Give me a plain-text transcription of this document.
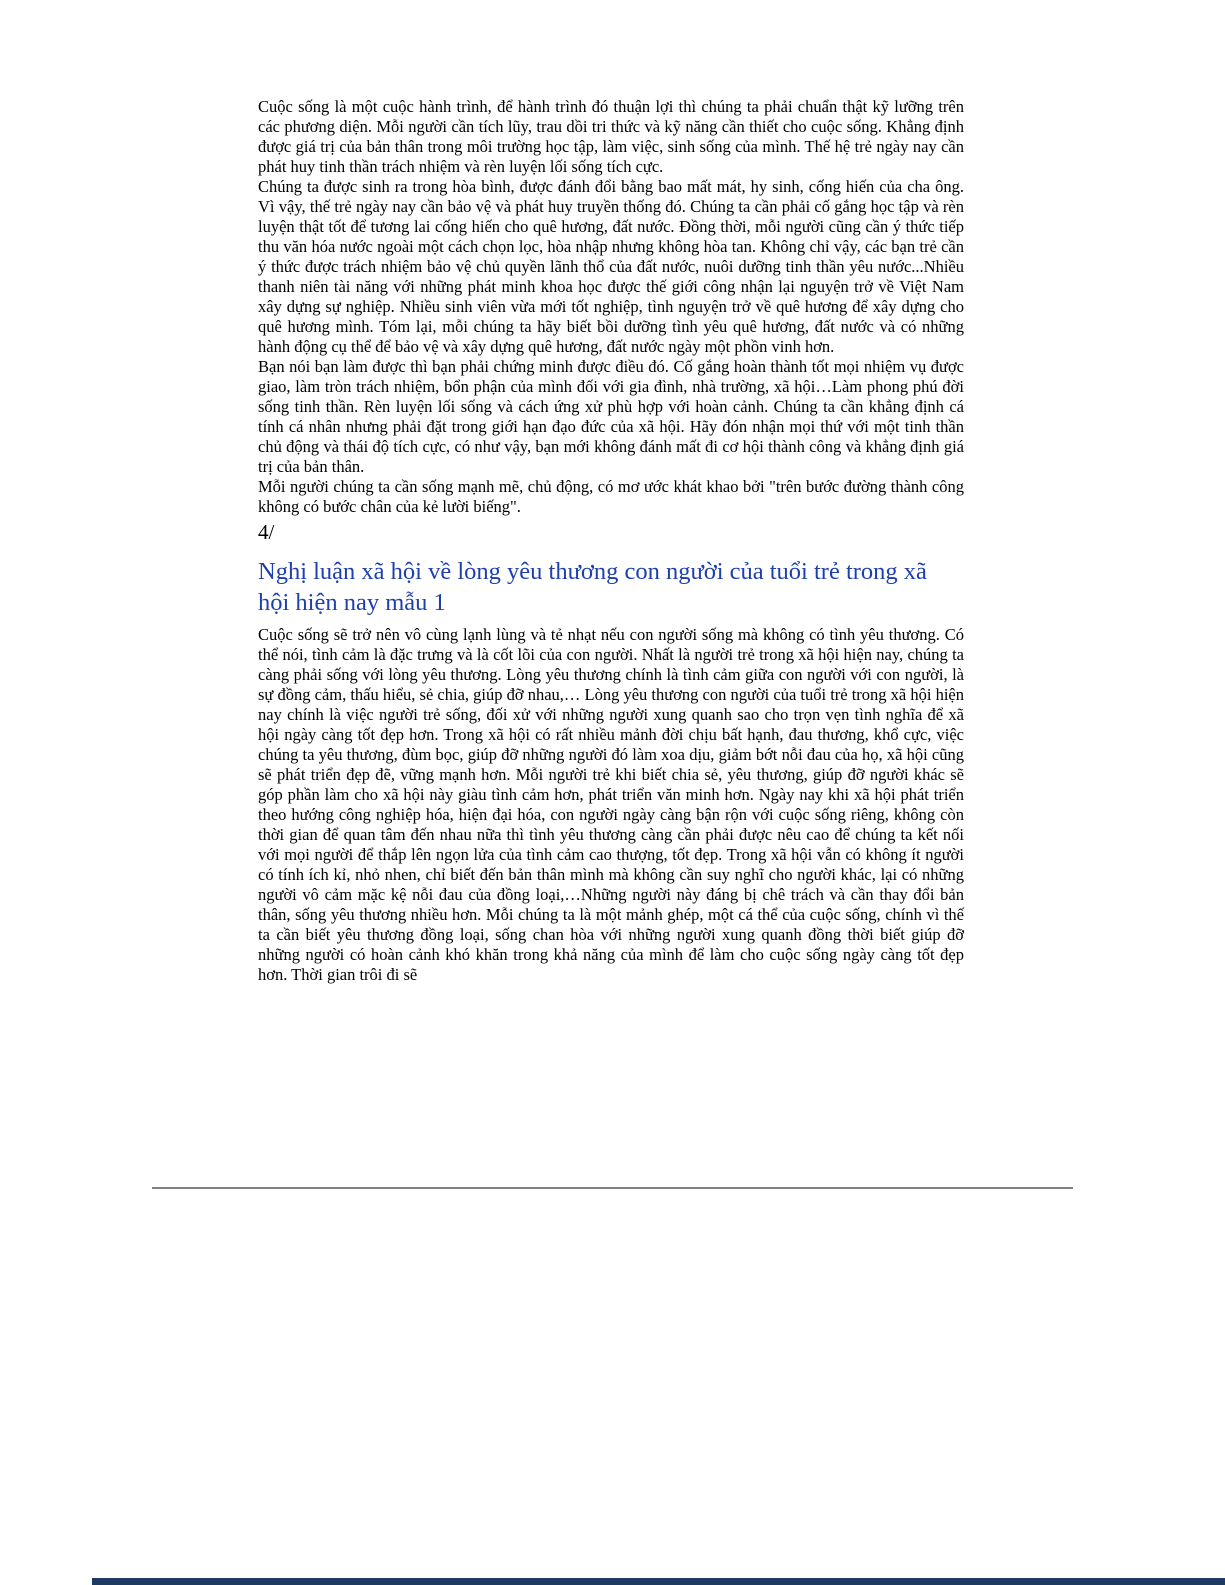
Cuộc sống là một cuộc hành trình, để hành trình đó thuận lợi thì chúng ta phải chuẩn thật kỹ lưỡng trên các phương diện. Mỗi người cần tích lũy, trau dồi tri thức và kỹ năng cần thiết cho cuộc sống. Khẳng định được giá trị của bản thân trong môi trường học tập, làm việc, sinh sống của mình. Thế hệ trẻ ngày nay cần phát huy tinh thần trách nhiệm và rèn luyện lối sống tích cực.

Chúng ta được sinh ra trong hòa bình, được đánh đổi bằng bao mất mát, hy sinh, cống hiến của cha ông. Vì vậy, thế trẻ ngày nay cần bảo vệ và phát huy truyền thống đó. Chúng ta cần phải cố gắng học tập và rèn luyện thật tốt để tương lai cống hiến cho quê hương, đất nước. Đồng thời, mỗi người cũng cần ý thức tiếp thu văn hóa nước ngoài một cách chọn lọc, hòa nhập nhưng không hòa tan. Không chỉ vậy, các bạn trẻ cần ý thức được trách nhiệm bảo vệ chủ quyền lãnh thổ của đất nước, nuôi dưỡng tinh thần yêu nước...Nhiều thanh niên tài năng với những phát minh khoa học được thế giới công nhận lại nguyện trở về Việt Nam xây dựng sự nghiệp. Nhiều sinh viên vừa mới tốt nghiệp, tình nguyện trở về quê hương để xây dựng cho quê hương mình. Tóm lại, mỗi chúng ta hãy biết bồi dưỡng tình yêu quê hương, đất nước và có những hành động cụ thể để bảo vệ và xây dựng quê hương, đất nước ngày một phồn vinh hơn.

Bạn nói bạn làm được thì bạn phải chứng minh được điều đó. Cố gắng hoàn thành tốt mọi nhiệm vụ được giao, làm tròn trách nhiệm, bổn phận của mình đối với gia đình, nhà trường, xã hội…Làm phong phú đời sống tinh thần. Rèn luyện lối sống và cách ứng xử phù hợp với hoàn cảnh. Chúng ta cần khẳng định cá tính cá nhân nhưng phải đặt trong giới hạn đạo đức của xã hội. Hãy đón nhận mọi thứ với một tinh thần chủ động và thái độ tích cực, có như vậy, bạn mới không đánh mất đi cơ hội thành công và khẳng định giá trị của bản thân.

Mỗi người chúng ta cần sống mạnh mẽ, chủ động, có mơ ước khát khao bởi "trên bước đường thành công không có bước chân của kẻ lười biếng".

4/

Nghị luận xã hội về lòng yêu thương con người của tuổi trẻ trong xã hội hiện nay mẫu 1

Cuộc sống sẽ trở nên vô cùng lạnh lùng và tẻ nhạt nếu con người sống mà không có tình yêu thương. Có thể nói, tình cảm là đặc trưng và là cốt lõi của con người. Nhất là người trẻ trong xã hội hiện nay, chúng ta càng phải sống với lòng yêu thương. Lòng yêu thương chính là tình cảm giữa con người với con người, là sự đồng cảm, thấu hiểu, sẻ chia, giúp đỡ nhau,… Lòng yêu thương con người của tuổi trẻ trong xã hội hiện nay chính là việc người trẻ sống, đối xử với những người xung quanh sao cho trọn vẹn tình nghĩa để xã hội ngày càng tốt đẹp hơn. Trong xã hội có rất nhiều mảnh đời chịu bất hạnh, đau thương, khổ cực, việc chúng ta yêu thương, đùm bọc, giúp đỡ những người đó làm xoa dịu, giảm bớt nỗi đau của họ, xã hội cũng sẽ phát triển đẹp đẽ, vững mạnh hơn. Mỗi người trẻ khi biết chia sẻ, yêu thương, giúp đỡ người khác sẽ góp phần làm cho xã hội này giàu tình cảm hơn, phát triển văn minh hơn. Ngày nay khi xã hội phát triển theo hướng công nghiệp hóa, hiện đại hóa, con người ngày càng bận rộn với cuộc sống riêng, không còn thời gian để quan tâm đến nhau nữa thì tình yêu thương càng cần phải được nêu cao để chúng ta kết nối với mọi người để thắp lên ngọn lửa của tình cảm cao thượng, tốt đẹp. Trong xã hội vẫn có không ít người có tính ích kỉ, nhỏ nhen, chỉ biết đến bản thân mình mà không cần suy nghĩ cho người khác, lại có những người vô cảm mặc kệ nỗi đau của đồng loại,…Những người này đáng bị chê trách và cần thay đổi bản thân, sống yêu thương nhiều hơn. Mỗi chúng ta là một mảnh ghép, một cá thể của cuộc sống, chính vì thế ta cần biết yêu thương đồng loại, sống chan hòa với những người xung quanh đồng thời biết giúp đỡ những người có hoàn cảnh khó khăn trong khả năng của mình để làm cho cuộc sống ngày càng tốt đẹp hơn. Thời gian trôi đi sẽ
